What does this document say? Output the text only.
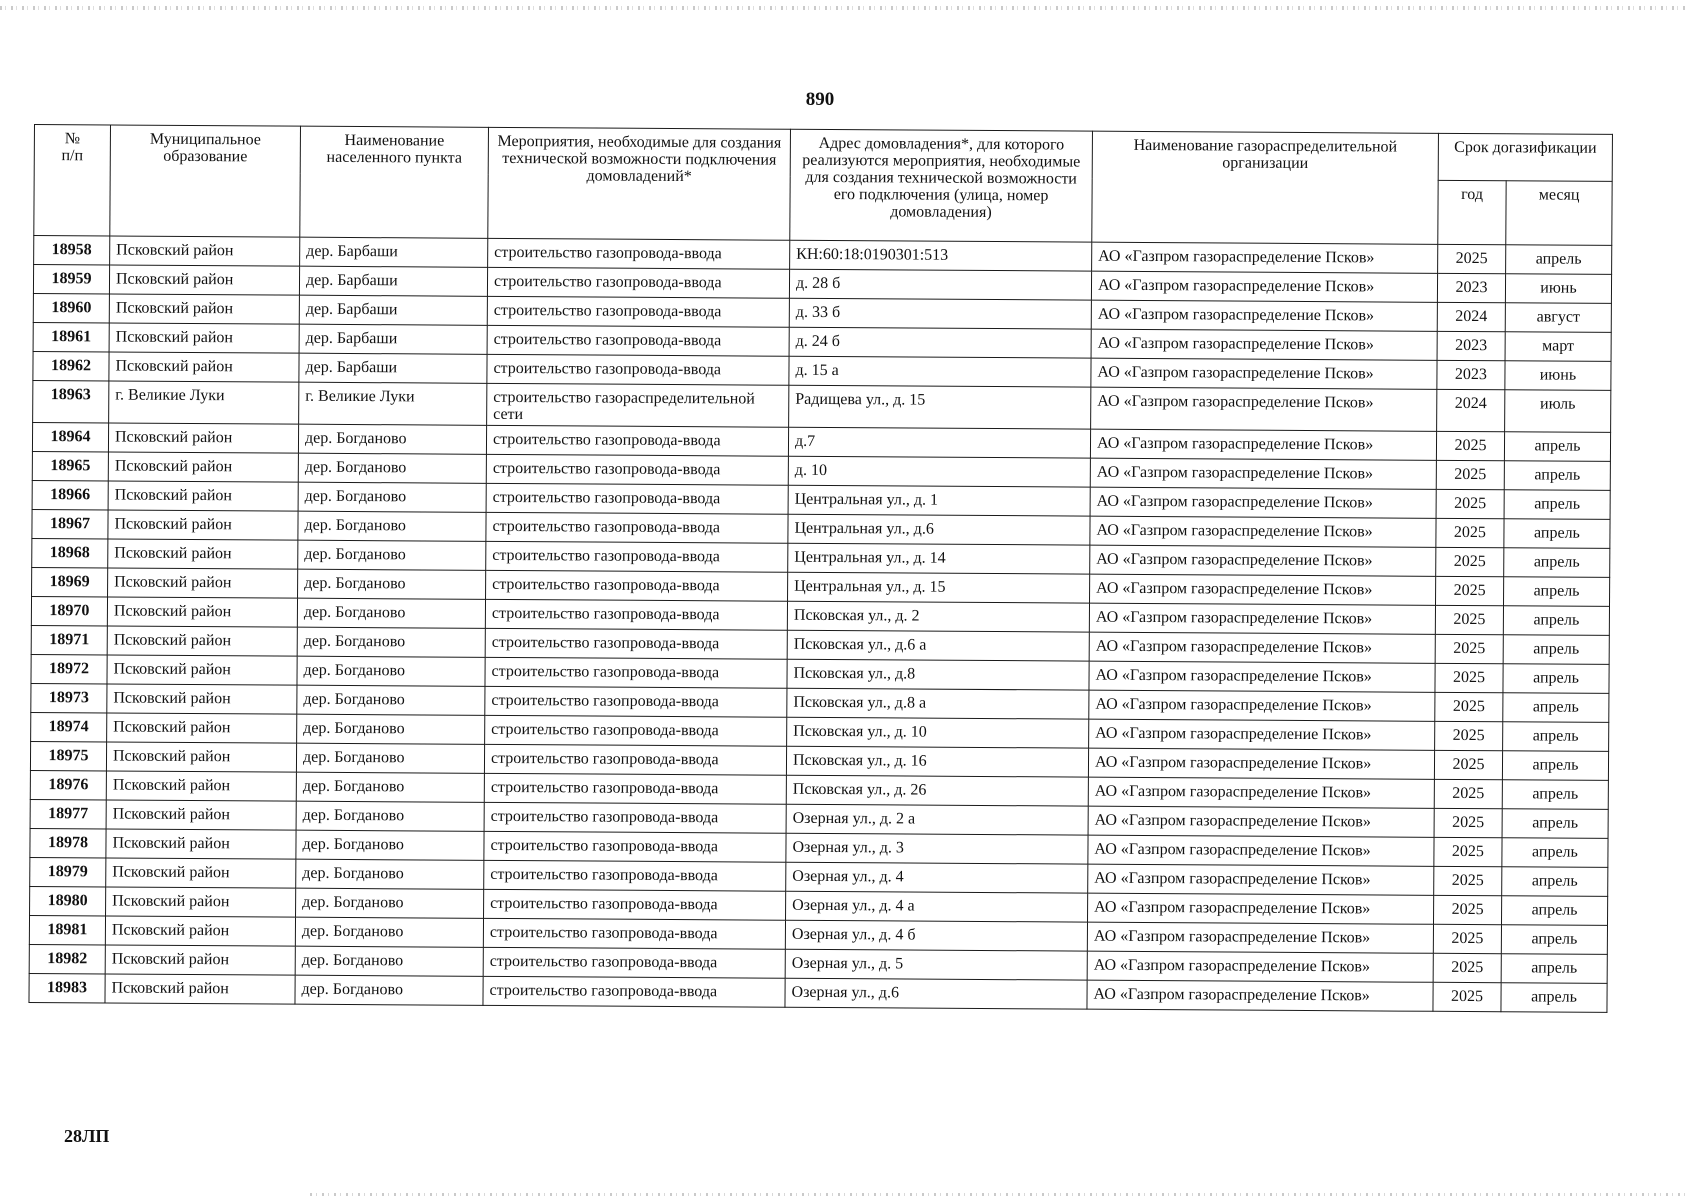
890
№
п/п	Муниципальное образование	Наименование населенного пункта	Мероприятия, необходимые для создания технической возможности подключения домовладений*	Адрес домовладения*, для которого реализуются мероприятия, необходимые для создания технической возможности его подключения (улица, номер домовладения)	Наименование газораспределительной организации	Срок догазификации	
						год	месяц
18958	Псковский район	дер. Барбаши	строительство газопровода-ввода	КН:60:18:0190301:513	АО «Газпром газораспределение Псков»	2025	апрель
18959	Псковский район	дер. Барбаши	строительство газопровода-ввода	д. 28 б	АО «Газпром газораспределение Псков»	2023	июнь
18960	Псковский район	дер. Барбаши	строительство газопровода-ввода	д. 33 б	АО «Газпром газораспределение Псков»	2024	август
18961	Псковский район	дер. Барбаши	строительство газопровода-ввода	д. 24 б	АО «Газпром газораспределение Псков»	2023	март
18962	Псковский район	дер. Барбаши	строительство газопровода-ввода	д. 15 а	АО «Газпром газораспределение Псков»	2023	июнь
18963	г. Великие Луки	г. Великие Луки	строительство газораспределительной сети	Радищева ул., д. 15	АО «Газпром газораспределение Псков»	2024	июль
18964	Псковский район	дер. Богданово	строительство газопровода-ввода	д.7	АО «Газпром газораспределение Псков»	2025	апрель
18965	Псковский район	дер. Богданово	строительство газопровода-ввода	д. 10	АО «Газпром газораспределение Псков»	2025	апрель
18966	Псковский район	дер. Богданово	строительство газопровода-ввода	Центральная ул., д. 1	АО «Газпром газораспределение Псков»	2025	апрель
18967	Псковский район	дер. Богданово	строительство газопровода-ввода	Центральная ул., д.6	АО «Газпром газораспределение Псков»	2025	апрель
18968	Псковский район	дер. Богданово	строительство газопровода-ввода	Центральная ул., д. 14	АО «Газпром газораспределение Псков»	2025	апрель
18969	Псковский район	дер. Богданово	строительство газопровода-ввода	Центральная ул., д. 15	АО «Газпром газораспределение Псков»	2025	апрель
18970	Псковский район	дер. Богданово	строительство газопровода-ввода	Псковская ул., д. 2	АО «Газпром газораспределение Псков»	2025	апрель
18971	Псковский район	дер. Богданово	строительство газопровода-ввода	Псковская ул., д.6 а	АО «Газпром газораспределение Псков»	2025	апрель
18972	Псковский район	дер. Богданово	строительство газопровода-ввода	Псковская ул., д.8	АО «Газпром газораспределение Псков»	2025	апрель
18973	Псковский район	дер. Богданово	строительство газопровода-ввода	Псковская ул., д.8 а	АО «Газпром газораспределение Псков»	2025	апрель
18974	Псковский район	дер. Богданово	строительство газопровода-ввода	Псковская ул., д. 10	АО «Газпром газораспределение Псков»	2025	апрель
18975	Псковский район	дер. Богданово	строительство газопровода-ввода	Псковская ул., д. 16	АО «Газпром газораспределение Псков»	2025	апрель
18976	Псковский район	дер. Богданово	строительство газопровода-ввода	Псковская ул., д. 26	АО «Газпром газораспределение Псков»	2025	апрель
18977	Псковский район	дер. Богданово	строительство газопровода-ввода	Озерная ул., д. 2 а	АО «Газпром газораспределение Псков»	2025	апрель
18978	Псковский район	дер. Богданово	строительство газопровода-ввода	Озерная ул., д. 3	АО «Газпром газораспределение Псков»	2025	апрель
18979	Псковский район	дер. Богданово	строительство газопровода-ввода	Озерная ул., д. 4	АО «Газпром газораспределение Псков»	2025	апрель
18980	Псковский район	дер. Богданово	строительство газопровода-ввода	Озерная ул., д. 4 а	АО «Газпром газораспределение Псков»	2025	апрель
18981	Псковский район	дер. Богданово	строительство газопровода-ввода	Озерная ул., д. 4 б	АО «Газпром газораспределение Псков»	2025	апрель
18982	Псковский район	дер. Богданово	строительство газопровода-ввода	Озерная ул., д. 5	АО «Газпром газораспределение Псков»	2025	апрель
18983	Псковский район	дер. Богданово	строительство газопровода-ввода	Озерная ул., д.6	АО «Газпром газораспределение Псков»	2025	апрель
28ЛП
